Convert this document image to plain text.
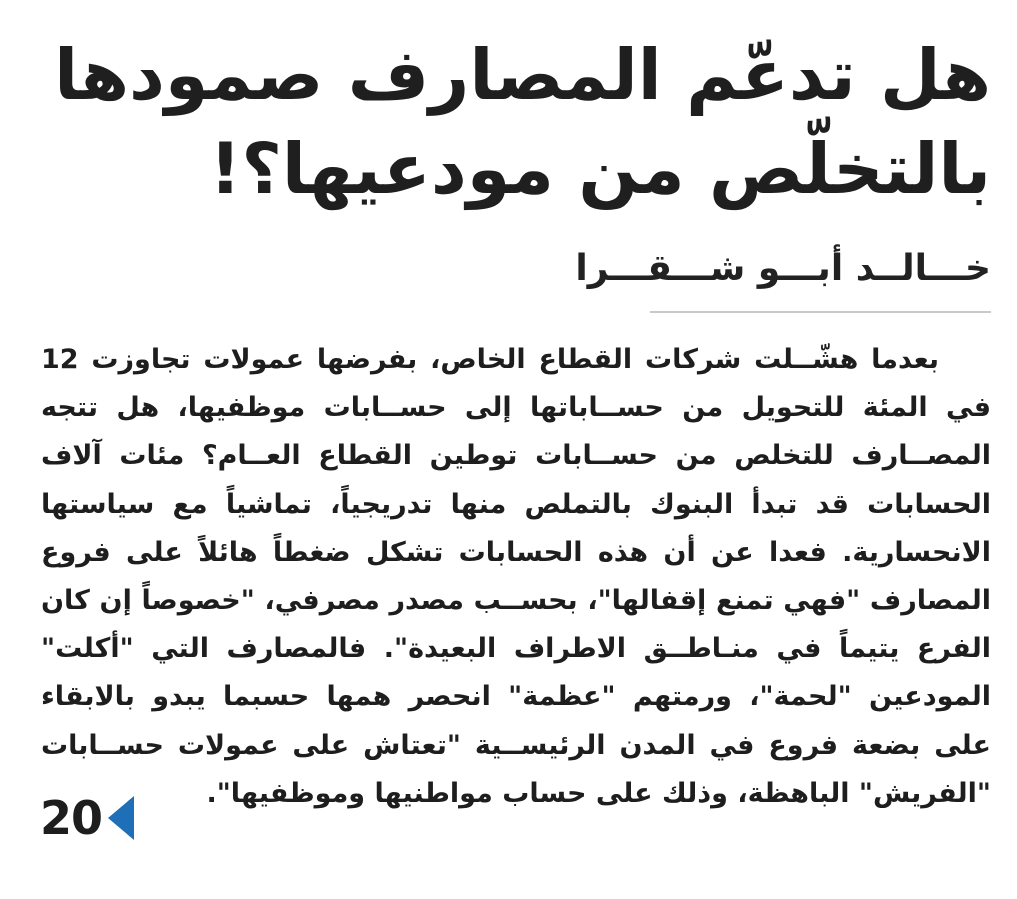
هل تدعّم المصارف صمودها بالتخلّص من مودعيها؟!
خـــالــد أبـــو شـــقـــرا

بعدما هشّــلت شركات القطاع الخاص، بفرضها عمولات تجاوزت 12 في المئة للتحويل من حســاباتها إلى حســابات موظفيها، هل تتجه المصــارف للتخلص من حســابات توطين القطاع العــام؟ مئات آلاف الحسابات قد تبدأ البنوك بالتملص منها تدريجياً، تماشياً مع سياستها الانحسارية. فعدا عن أن هذه الحسابات تشكل ضغطاً هائلاً على فروع المصارف "فهي تمنع إقفالها"، بحســب مصدر مصرفي، "خصوصاً إن كان الفرع يتيماً في منـاطــق الاطراف البعيدة". فالمصارف التي "أكلت" المودعين "لحمة"، ورمتهم "عظمة" انحصر همها حسبما يبدو بالابقاء على بضعة فروع في المدن الرئيســية "تعتاش على عمولات حســابات "الفريش" الباهظة، وذلك على حساب مواطنيها وموظفيها".

20
